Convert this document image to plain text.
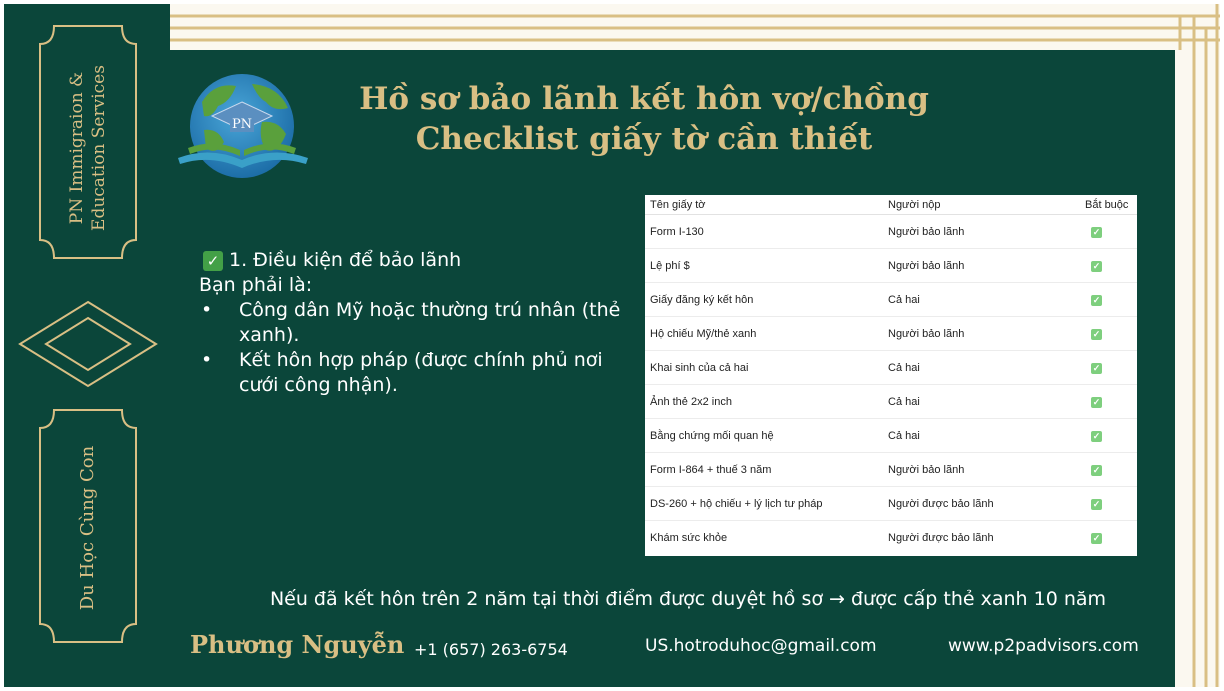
PN Immigraion & Education Services
Du Học Cùng Con
PN
Hồ sơ bảo lãnh kết hôn vợ/chồng
Checklist giấy tờ cần thiết
✓ 1. Điều kiện để bảo lãnh
Bạn phải là:
• Công dân Mỹ hoặc thường trú nhân (thẻ xanh).
• Kết hôn hợp pháp (được chính phủ nơi cưới công nhận).
Tên giấy tờ	Người nộp	Bắt buộc
Form I-130	Người bảo lãnh	✓
Lệ phí $	Người bảo lãnh	✓
Giấy đăng ký kết hôn	Cả hai	✓
Hộ chiếu Mỹ/thẻ xanh	Người bảo lãnh	✓
Khai sinh của cả hai	Cả hai	✓
Ảnh thẻ 2x2 inch	Cả hai	✓
Bằng chứng mối quan hệ	Cả hai	✓
Form I-864 + thuế 3 năm	Người bảo lãnh	✓
DS-260 + hộ chiếu + lý lịch tư pháp	Người được bảo lãnh	✓
Khám sức khỏe	Người được bảo lãnh	✓
Nếu đã kết hôn trên 2 năm tại thời điểm được duyệt hồ sơ → được cấp thẻ xanh 10 năm
Phương Nguyễn +1 (657) 263-6754	US.hotroduhoc@gmail.com	www.p2padvisors.com
